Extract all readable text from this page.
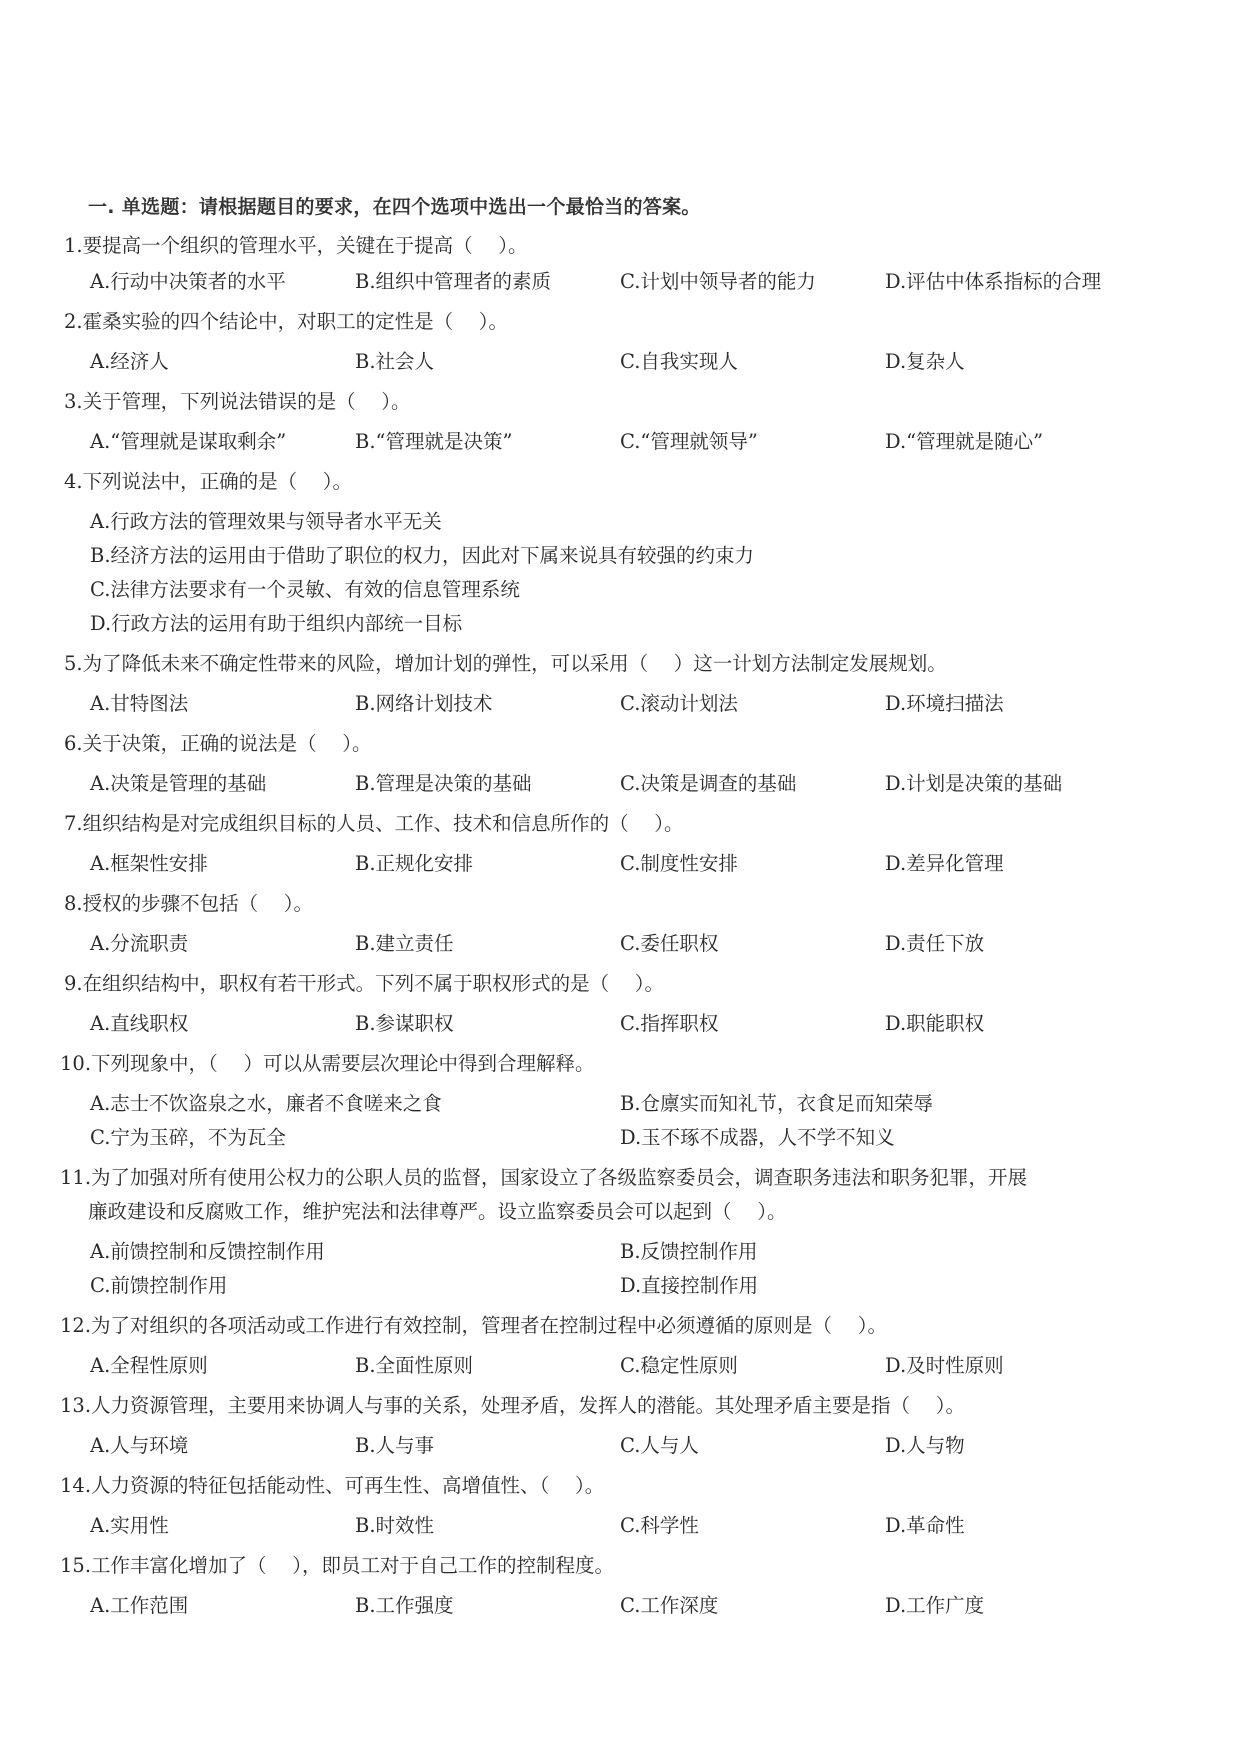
一. 单选题：请根据题目的要求，在四个选项中选出一个最恰当的答案。
1.要提高一个组织的管理水平，关键在于提高（　 ）。
A.行动中决策者的水平	B.组织中管理者的素质	C.计划中领导者的能力	D.评估中体系指标的合理
2.霍桑实验的四个结论中，对职工的定性是（　 ）。
A.经济人	B.社会人	C.自我实现人	D.复杂人
3.关于管理，下列说法错误的是（　 ）。
A.“管理就是谋取剩余”	B.“管理就是决策”	C.“管理就领导”	D.“管理就是随心”
4.下列说法中，正确的是（　 ）。
A.行政方法的管理效果与领导者水平无关
B.经济方法的运用由于借助了职位的权力，因此对下属来说具有较强的约束力
C.法律方法要求有一个灵敏、有效的信息管理系统
D.行政方法的运用有助于组织内部统一目标
5.为了降低未来不确定性带来的风险，增加计划的弹性，可以采用（　 ）这一计划方法制定发展规划。
A.甘特图法	B.网络计划技术	C.滚动计划法	D.环境扫描法
6.关于决策，正确的说法是（　 ）。
A.决策是管理的基础	B.管理是决策的基础	C.决策是调查的基础	D.计划是决策的基础
7.组织结构是对完成组织目标的人员、工作、技术和信息所作的（　 ）。
A.框架性安排	B.正规化安排	C.制度性安排	D.差异化管理
8.授权的步骤不包括（　 ）。
A.分流职责	B.建立责任	C.委任职权	D.责任下放
9.在组织结构中，职权有若干形式。下列不属于职权形式的是（　 ）。
A.直线职权	B.参谋职权	C.指挥职权	D.职能职权
10.下列现象中，（　 ）可以从需要层次理论中得到合理解释。
A.志士不饮盗泉之水，廉者不食嗟来之食	B.仓廪实而知礼节，衣食足而知荣辱
C.宁为玉碎，不为瓦全	D.玉不琢不成器，人不学不知义
11.为了加强对所有使用公权力的公职人员的监督，国家设立了各级监察委员会，调查职务违法和职务犯罪，开展
廉政建设和反腐败工作，维护宪法和法律尊严。设立监察委员会可以起到（　 ）。
A.前馈控制和反馈控制作用	B.反馈控制作用
C.前馈控制作用	D.直接控制作用
12.为了对组织的各项活动或工作进行有效控制，管理者在控制过程中必须遵循的原则是（　 ）。
A.全程性原则	B.全面性原则	C.稳定性原则	D.及时性原则
13.人力资源管理，主要用来协调人与事的关系，处理矛盾，发挥人的潜能。其处理矛盾主要是指（　 ）。
A.人与环境	B.人与事	C.人与人	D.人与物
14.人力资源的特征包括能动性、可再生性、高增值性、（　 ）。
A.实用性	B.时效性	C.科学性	D.革命性
15.工作丰富化增加了（　 ），即员工对于自己工作的控制程度。
A.工作范围	B.工作强度	C.工作深度	D.工作广度
